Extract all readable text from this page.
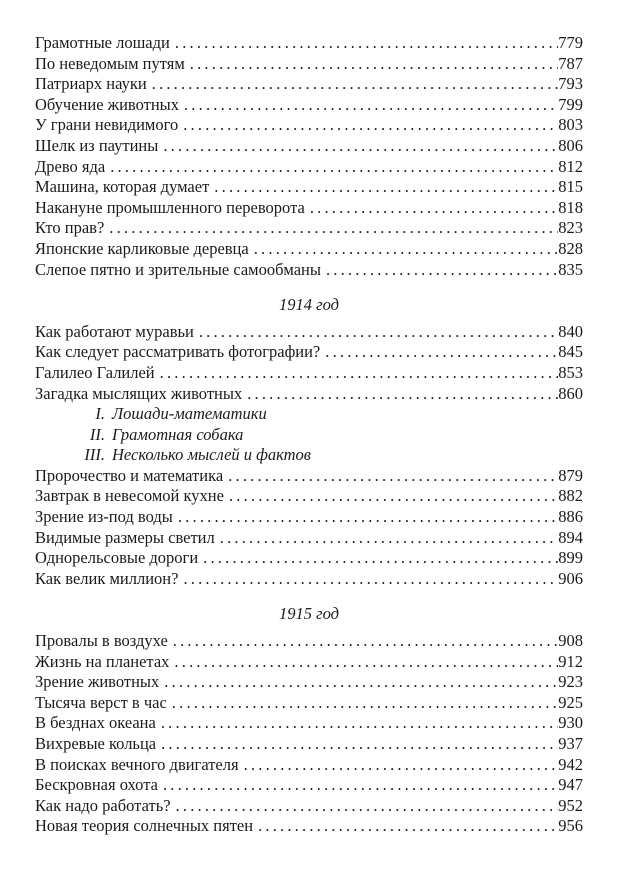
Грамотные лошади .....	779
По неведомым путям .....	787
Патриарх науки .....	793
Обучение животных .....	799
У грани невидимого .....	803
Шелк из паутины .....	806
Древо яда .....	812
Машина, которая думает .....	815
Накануне промышленного переворота .....	818
Кто прав? .....	823
Японские карликовые деревца .....	828
Слепое пятно и зрительные самообманы .....	835
1914 год
Как работают муравьи .....	840
Как следует рассматривать фотографии? .....	845
Галилео Галилей .....	853
Загадка мыслящих животных .....	860
I. Лошади-математики
II. Грамотная собака
III. Несколько мыслей и фактов
Пророчество и математика .....	879
Завтрак в невесомой кухне .....	882
Зрение из-под воды .....	886
Видимые размеры светил .....	894
Однорельсовые дороги .....	899
Как велик миллион? .....	906
1915 год
Провалы в воздухе .....	908
Жизнь на планетах .....	912
Зрение животных .....	923
Тысяча верст в час .....	925
В безднах океана .....	930
Вихревые кольца .....	937
В поисках вечного двигателя .....	942
Бескровная охота .....	947
Как надо работать? .....	952
Новая теория солнечных пятен .....	956
